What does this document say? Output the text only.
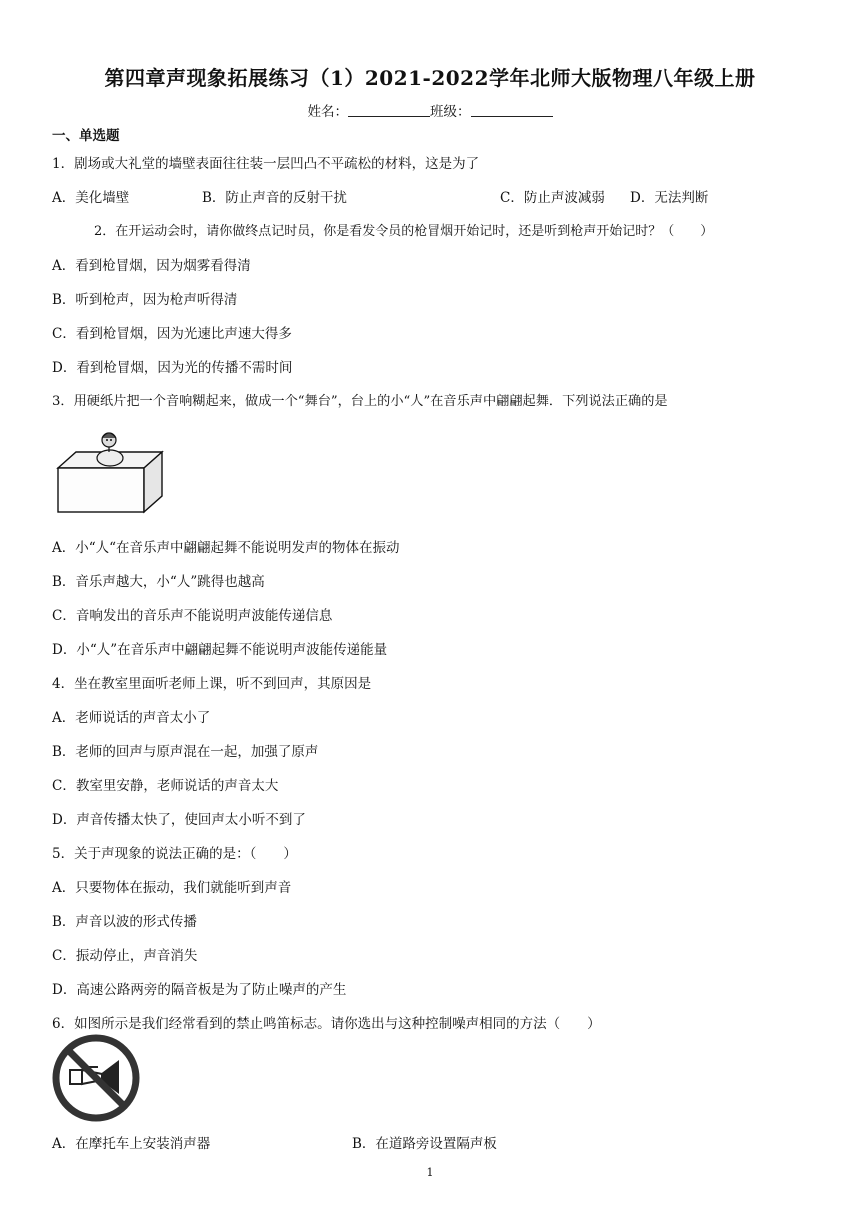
第四章声现象拓展练习（1）2021-2022学年北师大版物理八年级上册
姓名：	班级：
一、单选题
1．剧场或大礼堂的墙壁表面往往装一层凹凸不平疏松的材料，这是为了
A．美化墙壁	B．防止声音的反射干扰	C．防止声波减弱 D．无法判断
2．在开运动会时，请你做终点记时员，你是看发令员的枪冒烟开始记时，还是听到枪声开始记时？（　　）
A．看到枪冒烟，因为烟雾看得清
B．听到枪声，因为枪声听得清
C．看到枪冒烟，因为光速比声速大得多
D．看到枪冒烟，因为光的传播不需时间
3．用硬纸片把一个音响糊起来，做成一个“舞台”，台上的小“人”在音乐声中翩翩起舞．下列说法正确的是
A．小“人“在音乐声中翩翩起舞不能说明发声的物体在振动
B．音乐声越大，小“人”跳得也越高
C．音响发出的音乐声不能说明声波能传递信息
D．小“人”在音乐声中翩翩起舞不能说明声波能传递能量
4．坐在教室里面听老师上课，听不到回声，其原因是
A．老师说话的声音太小了
B．老师的回声与原声混在一起，加强了原声
C．教室里安静，老师说话的声音太大
D．声音传播太快了，使回声太小听不到了
5．关于声现象的说法正确的是：（　　）
A．只要物体在振动，我们就能听到声音
B．声音以波的形式传播
C．振动停止，声音消失
D．高速公路两旁的隔音板是为了防止噪声的产生
6．如图所示是我们经常看到的禁止鸣笛标志。请你选出与这种控制噪声相同的方法（　　）
A．在摩托车上安装消声器	B．在道路旁设置隔声板
1
